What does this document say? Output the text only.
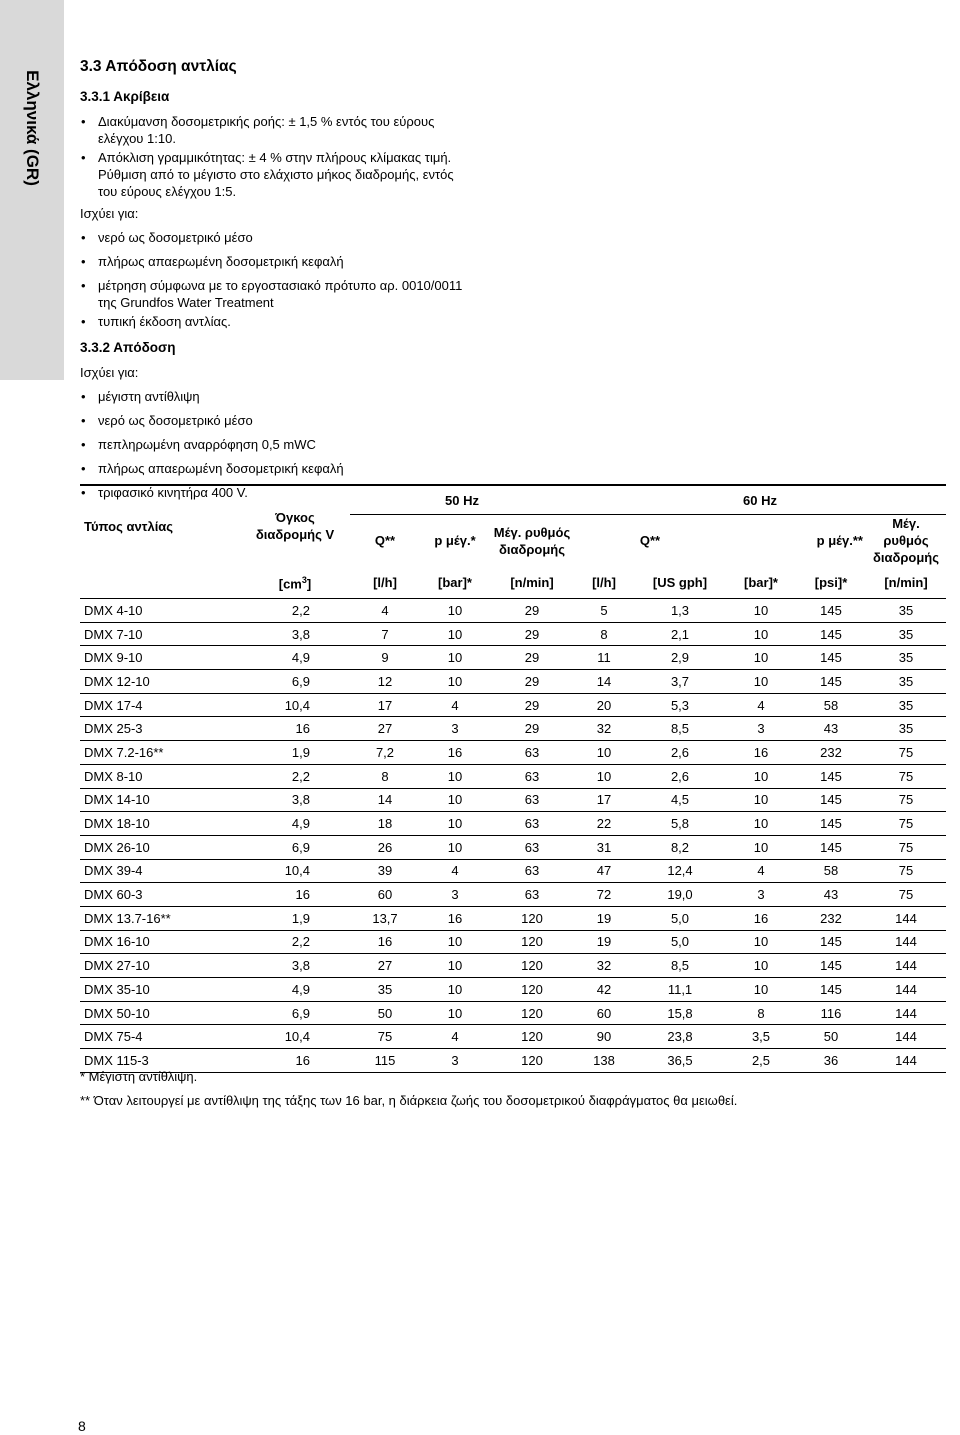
Ελληνικά (GR)
3.3 Απόδοση αντλίας
3.3.1 Ακρίβεια
• Διακύμανση δοσομετρικής ροής: ± 1,5 % εντός του εύρους ελέγχου 1:10.
• Απόκλιση γραμμικότητας: ± 4 % στην πλήρους κλίμακας τιμή. Ρύθμιση από το μέγιστο στο ελάχιστο μήκος διαδρομής, εντός του εύρους ελέγχου 1:5.
Ισχύει για:
• νερό ως δοσομετρικό μέσο
• πλήρως απαερωμένη δοσομετρική κεφαλή
• μέτρηση σύμφωνα με το εργοστασιακό πρότυπο αρ. 0010/0011 της Grundfos Water Treatment
• τυπική έκδοση αντλίας.
3.3.2 Απόδοση
Ισχύει για:
• μέγιστη αντίθλιψη
• νερό ως δοσομετρικό μέσο
• πεπληρωμένη αναρρόφηση 0,5 mWC
• πλήρως απαερωμένη δοσομετρική κεφαλή
• τριφασικό κινητήρα 400 V.
Τύπος αντλίας	Όγκος διαδρομής V	50 Hz			60 Hz				
		Q**	p μέγ.*	Μέγ. ρυθμός διαδρομής	Q**		p μέγ.**		Μέγ. ρυθμός διαδρομής
	$[cm^3]$	[l/h]	[bar]*	[n/min]	[l/h]	[US gph]	[bar]*	[psi]*	[n/min]
DMX 4-10	2,2	4	10	29	5	1,3	10	145	35
DMX 7-10	3,8	7	10	29	8	2,1	10	145	35
DMX 9-10	4,9	9	10	29	11	2,9	10	145	35
DMX 12-10	6,9	12	10	29	14	3,7	10	145	35
DMX 17-4	10,4	17	4	29	20	5,3	4	58	35
DMX 25-3	16	27	3	29	32	8,5	3	43	35
DMX 7.2-16**	1,9	7,2	16	63	10	2,6	16	232	75
DMX 8-10	2,2	8	10	63	10	2,6	10	145	75
DMX 14-10	3,8	14	10	63	17	4,5	10	145	75
DMX 18-10	4,9	18	10	63	22	5,8	10	145	75
DMX 26-10	6,9	26	10	63	31	8,2	10	145	75
DMX 39-4	10,4	39	4	63	47	12,4	4	58	75
DMX 60-3	16	60	3	63	72	19,0	3	43	75
DMX 13.7-16**	1,9	13,7	16	120	19	5,0	16	232	144
DMX 16-10	2,2	16	10	120	19	5,0	10	145	144
DMX 27-10	3,8	27	10	120	32	8,5	10	145	144
DMX 35-10	4,9	35	10	120	42	11,1	10	145	144
DMX 50-10	6,9	50	10	120	60	15,8	8	116	144
DMX 75-4	10,4	75	4	120	90	23,8	3,5	50	144
DMX 115-3	16	115	3	120	138	36,5	2,5	36	144
* Μέγιστη αντίθλιψη.
** Όταν λειτουργεί με αντίθλιψη της τάξης των 16 bar, η διάρκεια ζωής του δοσομετρικού διαφράγματος θα μειωθεί.
8
